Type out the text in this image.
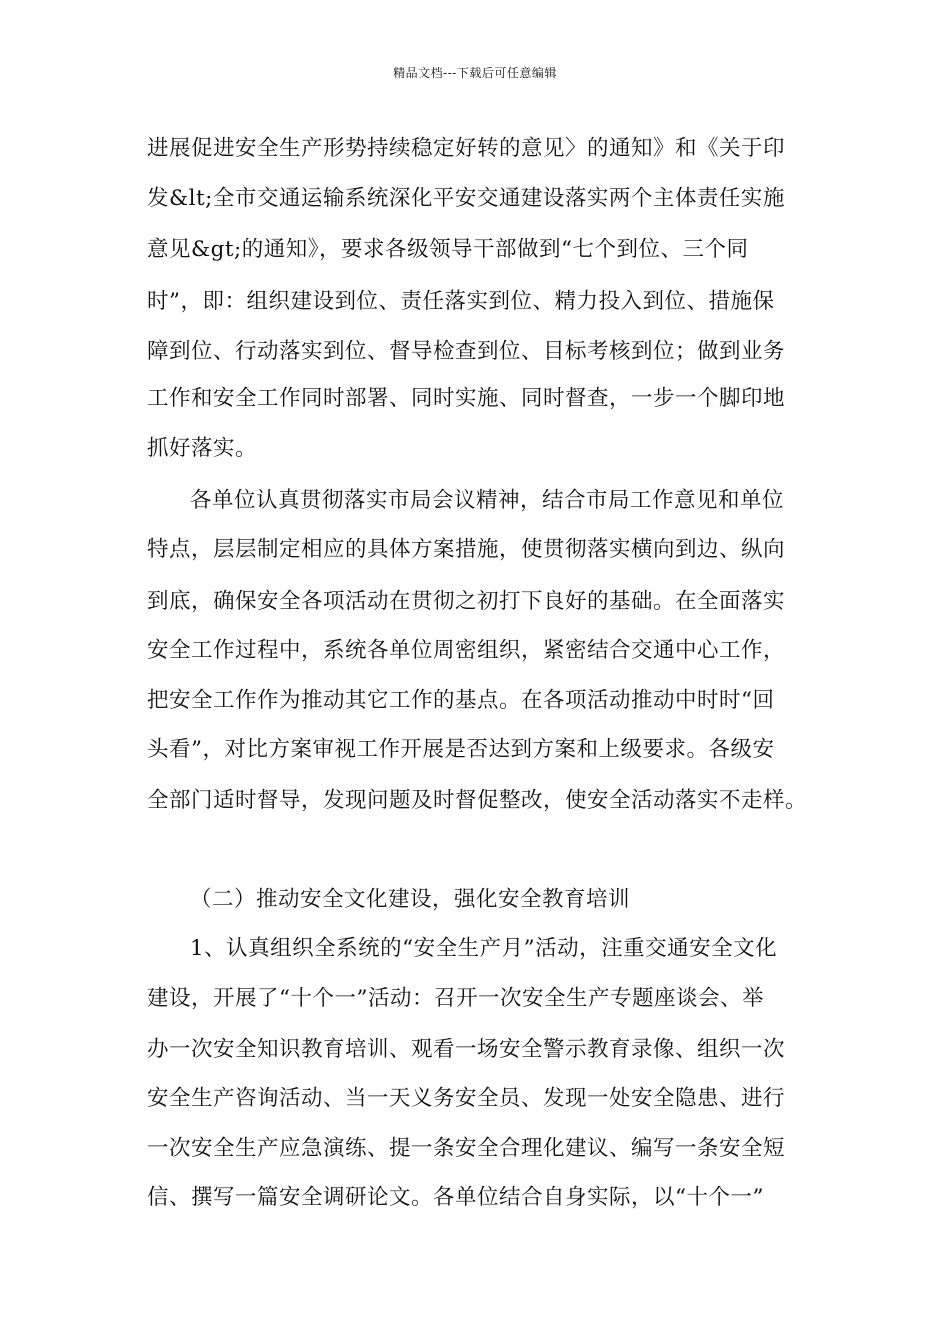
精品文档---下载后可任意编辑
进展促进安全生产形势持续稳定好转的意见〉的通知》和《关于印
发&lt;全市交通运输系统深化平安交通建设落实两个主体责任实施
意见&gt;的通知》，要求各级领导干部做到“七个到位、三个同
时”，即：组织建设到位、责任落实到位、精力投入到位、措施保
障到位、行动落实到位、督导检查到位、目标考核到位；做到业务
工作和安全工作同时部署、同时实施、同时督查，一步一个脚印地
抓好落实。
各单位认真贯彻落实市局会议精神，结合市局工作意见和单位
特点，层层制定相应的具体方案措施，使贯彻落实横向到边、纵向
到底，确保安全各项活动在贯彻之初打下良好的基础。在全面落实
安全工作过程中，系统各单位周密组织，紧密结合交通中心工作，
把安全工作作为推动其它工作的基点。在各项活动推动中时时“回
头看”，对比方案审视工作开展是否达到方案和上级要求。各级安
全部门适时督导，发现问题及时督促整改，使安全活动落实不走样。
（二）推动安全文化建设，强化安全教育培训
1、认真组织全系统的“安全生产月”活动，注重交通安全文化
建设，开展了“十个一”活动：召开一次安全生产专题座谈会、举
办一次安全知识教育培训、观看一场安全警示教育录像、组织一次
安全生产咨询活动、当一天义务安全员、发现一处安全隐患、进行
一次安全生产应急演练、提一条安全合理化建议、编写一条安全短
信、撰写一篇安全调研论文。各单位结合自身实际，以“十个一”
